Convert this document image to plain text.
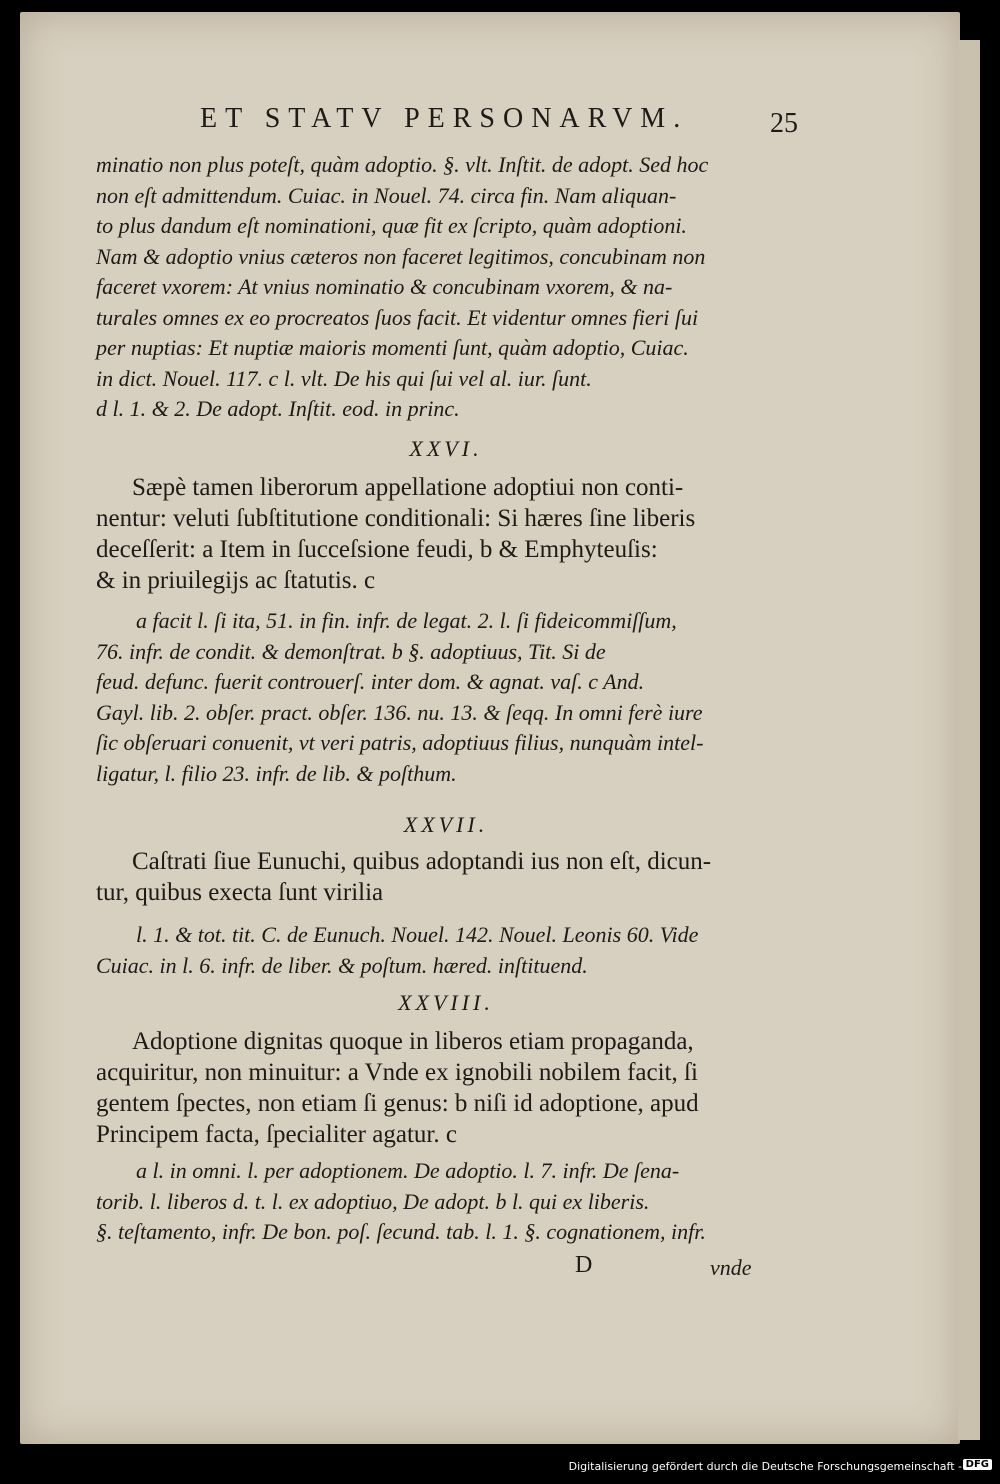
ET STATV PERSONARVM.	25
minatio non plus poteſt, quàm adoptio. §. vlt. Inſtit. de adopt. Sed hoc
non eſt admittendum. Cuiac. in Nouel. 74. circa fin. Nam aliquan-
to plus dandum eſt nominationi, quæ fit ex ſcripto, quàm adoptioni.
Nam & adoptio vnius cæteros non faceret legitimos, concubinam non
faceret vxorem: At vnius nominatio & concubinam vxorem, & na-
turales omnes ex eo procreatos ſuos facit. Et videntur omnes fieri ſui
per nuptias: Et nuptiæ maioris momenti ſunt, quàm adoptio, Cuiac.
in dict. Nouel. 117. c l. vlt. De his qui ſui vel al. iur. ſunt.
d l. 1. & 2. De adopt. Inſtit. eod. in princ.
XXVI.
Sæpè tamen liberorum appellatione adoptiui non conti-
nentur: veluti ſubſtitutione conditionali: Si hæres ſine liberis
deceſſerit: a Item in ſucceſsione feudi, b & Emphyteuſis:
& in priuilegijs ac ſtatutis. c
a facit l. ſi ita, 51. in fin. infr. de legat. 2. l. ſi fideicommiſſum,
76. infr. de condit. & demonſtrat. b §. adoptiuus, Tit. Si de
feud. defunc. fuerit controuerſ. inter dom. & agnat. vaſ. c And.
Gayl. lib. 2. obſer. pract. obſer. 136. nu. 13. & ſeqq. In omni ferè iure
ſic obſeruari conuenit, vt veri patris, adoptiuus filius, nunquàm intel-
ligatur, l. filio 23. infr. de lib. & poſthum.
XXVII.
Caſtrati ſiue Eunuchi, quibus adoptandi ius non eſt, dicun-
tur, quibus execta ſunt virilia
l. 1. & tot. tit. C. de Eunuch. Nouel. 142. Nouel. Leonis 60. Vide
Cuiac. in l. 6. infr. de liber. & poſtum. hæred. inſtituend.
XXVIII.
Adoptione dignitas quoque in liberos etiam propaganda,
acquiritur, non minuitur: a Vnde ex ignobili nobilem facit, ſi
gentem ſpectes, non etiam ſi genus: b niſi id adoptione, apud
Principem facta, ſpecialiter agatur. c
a l. in omni. l. per adoptionem. De adoptio. l. 7. infr. De ſena-
torib. l. liberos d. t. l. ex adoptiuo, De adopt. b l. qui ex liberis.
§. teſtamento, infr. De bon. poſ. ſecund. tab. l. 1. §. cognationem, infr.
D	vnde
Digitalisierung gefördert durch die Deutsche Forschungsgemeinschaft - DFG
